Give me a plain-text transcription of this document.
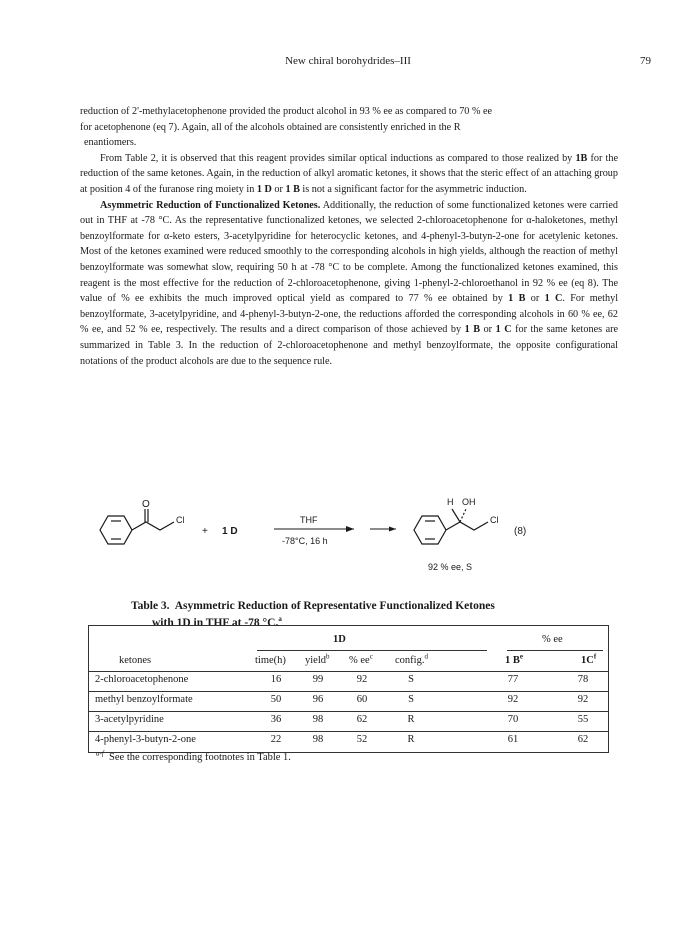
New chiral borohydrides–III	79

reduction of 2'-methylacetophenone provided the product alcohol in 93 % ee as compared to 70 % ee
for acetophenone (eq 7). Again, all of the alcohols obtained are consistently enriched in the R
enantiomers.

From Table 2, it is observed that this reagent provides similar optical inductions as compared to those realized by 1B for the reduction of the same ketones. Again, in the reduction of alkyl aromatic ketones, it shows that the steric effect of an attaching group at position 4 of the furanose ring moiety in 1 D or 1 B is not a significant factor for the asymmetric induction.

Asymmetric Reduction of Functionalized Ketones. Additionally, the reduction of some functionalized ketones were carried out in THF at -78 °C. As the representative functionalized ketones, we selected 2-chloroacetophenone for α-haloketones, methyl benzoylformate for α-keto esters, 3-acetylpyridine for heterocyclic ketones, and 4-phenyl-3-butyn-2-one for acetylenic ketones. Most of the ketones examined were reduced smoothly to the corresponding alcohols in high yields, although the reaction of methyl benzoylformate was somewhat slow, requiring 50 h at -78 °C to be complete. Among the functionalized ketones examined, this reagent is the most effective for the reduction of 2-chloroacetophenone, giving 1-phenyl-2-chloroethanol in 92 % ee (eq 8). The value of % ee exhibits the much improved optical yield as compared to 77 % ee obtained by 1 B or 1 C. For methyl benzoylformate, 3-acetylpyridine, and 4-phenyl-3-butyn-2-one, the reductions afforded the corresponding alcohols in 60 % ee, 62 % ee, and 52 % ee, respectively. The results and a direct comparison of those achieved by 1 B or 1 C for the same ketones are summarized in Table 3. In the reduction of 2-chloroacetophenone and methyl benzoylformate, the opposite configurational notations of the product alcohols are due to the sequence rule.

O
Cl
+ 1 D
THF
-78°C, 16 h
H OH
Cl
(8)
92 % ee, S
Table 3. Asymmetric Reduction of Representative Functionalized Ketones
with 1D in THF at -78 °C.$^a$
1D	% ee
ketones	time(h) yield$^b$ % $ee^c$ config.$^d$	1 $B^e$	$1C^f$
2-chloroacetophenone	16	99	92	S	77	78
methyl benzoylformate	50	96	60	S	92	92
3-acetylpyridine	36	98	62	R	70	55
4-phenyl-3-butyn-2-one	22	98	52	R	61	62
$^{a-f}$ See the corresponding footnotes in Table 1.
